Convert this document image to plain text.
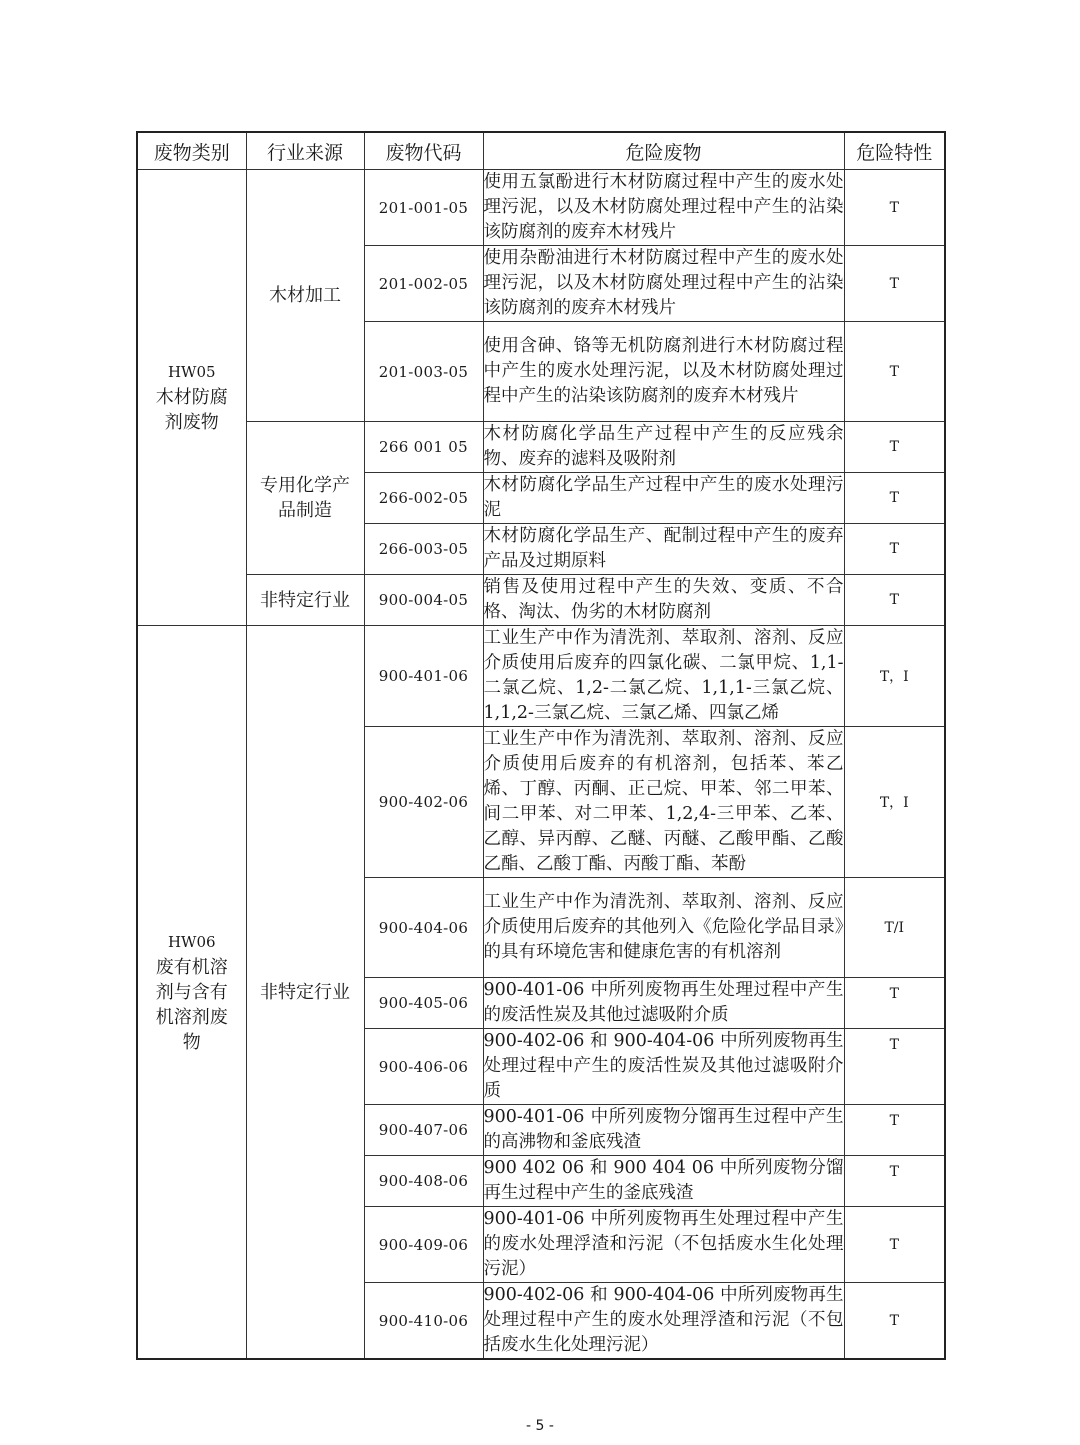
废物类别	行业来源	废物代码	危险废物	危险特性

HW05
木材防腐剂废物	木材加工	201-001-05	使用五氯酚进行木材防腐过程中产生的废水处理污泥，以及木材防腐处理过程中产生的沾染该防腐剂的废弃木材残片	T
		201-002-05	使用杂酚油进行木材防腐过程中产生的废水处理污泥，以及木材防腐处理过程中产生的沾染该防腐剂的废弃木材残片	T
		201-003-05	使用含砷、铬等无机防腐剂进行木材防腐过程中产生的废水处理污泥，以及木材防腐处理过程中产生的沾染该防腐剂的废弃木材残片	T

	专用化学产品制造	266 001 05	木材防腐化学品生产过程中产生的反应残余物、废弃的滤料及吸附剂	T
		266-002-05	木材防腐化学品生产过程中产生的废水处理污泥	T
		266-003-05	木材防腐化学品生产、配制过程中产生的废弃产品及过期原料	T
	非特定行业	900-004-05	销售及使用过程中产生的失效、变质、不合格、淘汰、伪劣的木材防腐剂	T

HW06
废有机溶剂与含有机溶剂废物	非特定行业	900-401-06	工业生产中作为清洗剂、萃取剂、溶剂、反应介质使用后废弃的四氯化碳、二氯甲烷、1,1-二氯乙烷、1,2-二氯乙烷、1,1,1-三氯乙烷、1,1,2-三氯乙烷、三氯乙烯、四氯乙烯	T，I
		900-402-06	工业生产中作为清洗剂、萃取剂、溶剂、反应介质使用后废弃的有机溶剂，包括苯、苯乙烯、丁醇、丙酮、正己烷、甲苯、邻二甲苯、间二甲苯、对二甲苯、1,2,4-三甲苯、乙苯、乙醇、异丙醇、乙醚、丙醚、乙酸甲酯、乙酸乙酯、乙酸丁酯、丙酸丁酯、苯酚	T，I
		900-404-06	工业生产中作为清洗剂、萃取剂、溶剂、反应介质使用后废弃的其他列入《危险化学品目录》的具有环境危害和健康危害的有机溶剂	T/I
		900-405-06	900-401-06 中所列废物再生处理过程中产生的废活性炭及其他过滤吸附介质	T
		900-406-06	900-402-06 和 900-404-06 中所列废物再生处理过程中产生的废活性炭及其他过滤吸附介质	T
		900-407-06	900-401-06 中所列废物分馏再生过程中产生的高沸物和釜底残渣	T
		900-408-06	900 402 06 和 900 404 06 中所列废物分馏再生过程中产生的釜底残渣	T
		900-409-06	900-401-06 中所列废物再生处理过程中产生的废水处理浮渣和污泥（不包括废水生化处理污泥）	T
		900-410-06	900-402-06 和 900-404-06 中所列废物再生处理过程中产生的废水处理浮渣和污泥（不包括废水生化处理污泥）	T
- 5 -
